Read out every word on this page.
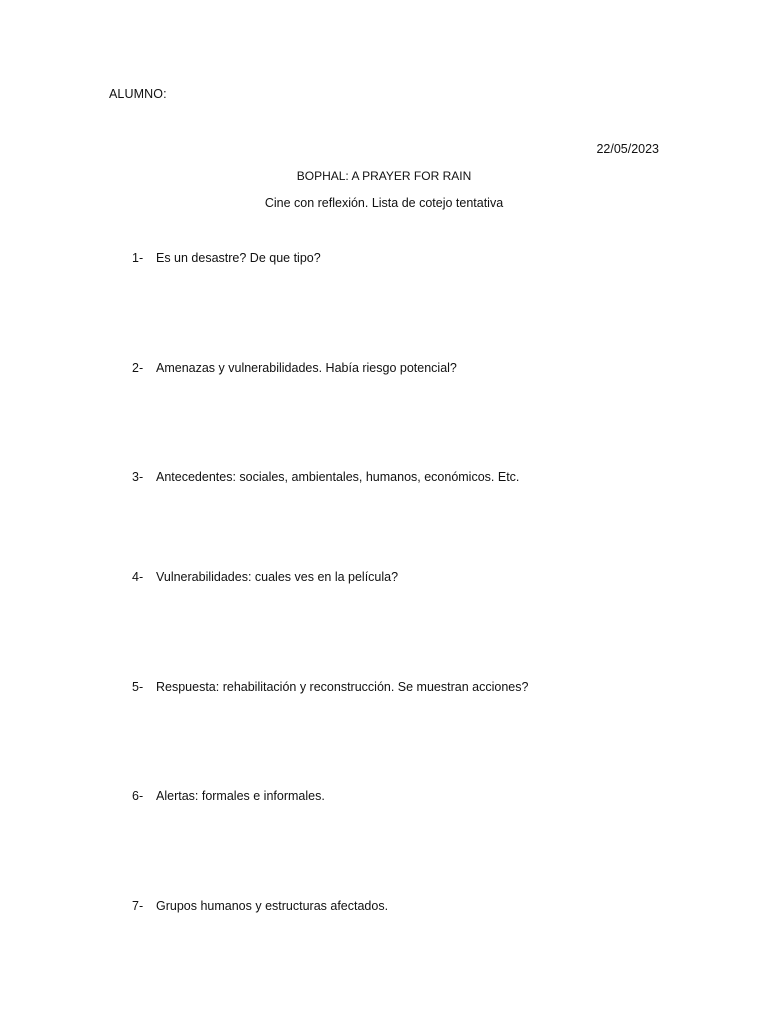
ALUMNO:
22/05/2023
BOPHAL: A PRAYER FOR RAIN
Cine con reflexión. Lista de cotejo tentativa
1-	Es un desastre? De que tipo?
2-	Amenazas y vulnerabilidades. Había riesgo potencial?
3-	Antecedentes: sociales, ambientales, humanos, económicos. Etc.
4-	Vulnerabilidades: cuales ves en la película?
5-	Respuesta: rehabilitación y reconstrucción. Se muestran acciones?
6-	Alertas: formales e informales.
7-	Grupos humanos y estructuras afectados.
